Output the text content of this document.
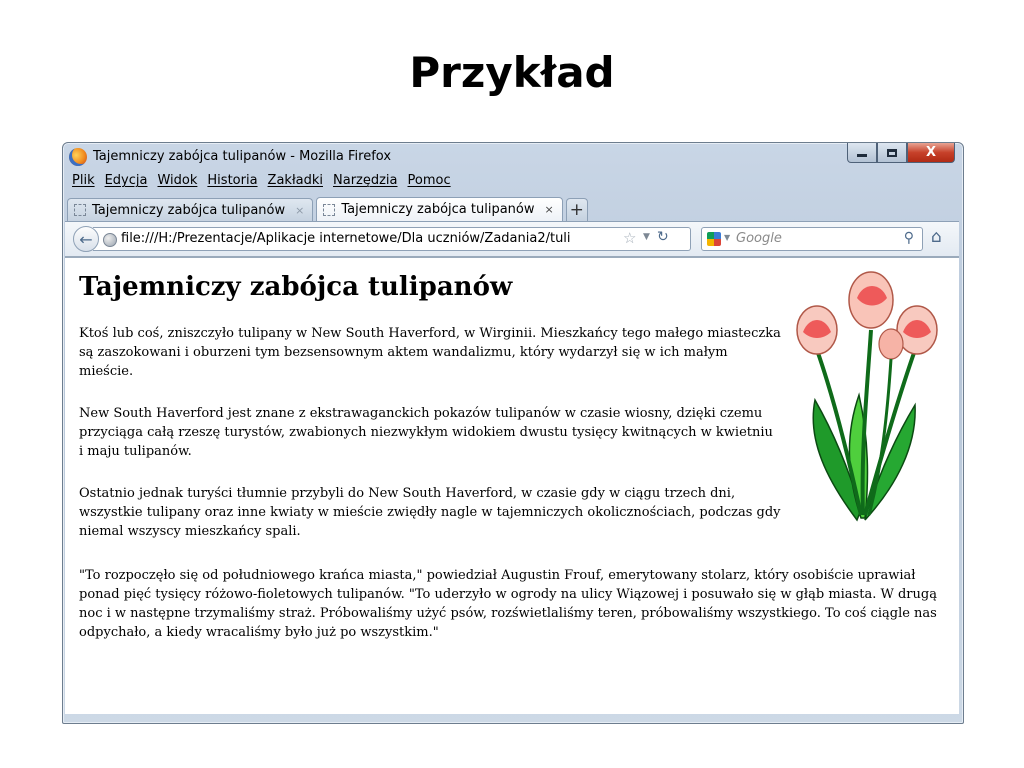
Przykład
Tajemniczy zabójca tulipanów - Mozilla Firefox	X
Plik Edycja Widok Historia Zakładki Narzędzia Pomoc
Tajemniczy zabójca tulipanów ×	Tajemniczy zabójca tulipanów × +
file:///H:/Prezentacje/Aplikacje internetowe/Dla uczniów/Zadania2/tuli	☆ ▼ ↻
←	▼ Google	⚲ ⌂
Tajemniczy zabójca tulipanów

Ktoś lub coś, zniszczyło tulipany w New South Haverford, w Wirginii. Mieszkańcy tego małego miasteczka są zaszokowani i oburzeni tym bezsensownym aktem wandalizmu, który wydarzył się w ich małym mieście.

New South Haverford jest znane z ekstrawaganckich pokazów tulipanów w czasie wiosny, dzięki czemu przyciąga całą rzeszę turystów, zwabionych niezwykłym widokiem dwustu tysięcy kwitnących w kwietniu i maju tulipanów.

Ostatnio jednak turyści tłumnie przybyli do New South Haverford, w czasie gdy w ciągu trzech dni, wszystkie tulipany oraz inne kwiaty w mieście zwiędły nagle w tajemniczych okolicznościach, podczas gdy niemal wszyscy mieszkańcy spali.

"To rozpoczęło się od południowego krańca miasta," powiedział Augustin Frouf, emerytowany stolarz, który osobiście uprawiał ponad pięć tysięcy różowo-fioletowych tulipanów. "To uderzyło w ogrody na ulicy Wiązowej i posuwało się w głąb miasta. W drugą noc i w następne trzymaliśmy straż. Próbowaliśmy użyć psów, rozświetlaliśmy teren, próbowaliśmy wszystkiego. To coś ciągle nas odpychało, a kiedy wracaliśmy było już po wszystkim."
